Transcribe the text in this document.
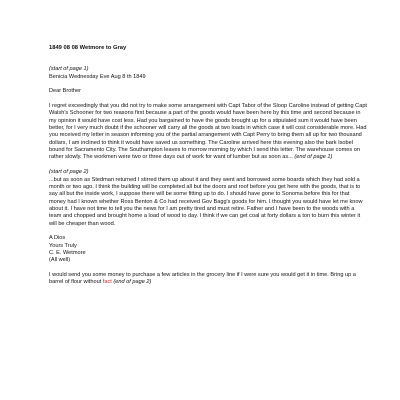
1849 08 08 Wetmore to Gray
(start of page 1)
Benicia Wednesday Eve Aug 8 th 1849
Dear Brother
I regret exceedingly that you did not try to make some arrangement with Capt Tabor of the Sloop Caroline instead of getting Capt Walsh's Schooner for two reasons first because a part of the goods would have been here by this time and second because in my opinion it would have cost less. Had you bargained to have the goods brought up for a stipulated sum it would have been better, for I very much doubt if the schooner will carry all the goods at two loads in which case it will cost considerable more. Had you received my letter in season informing you of the partial arrangement with Capt Perry to bring them all up for two thousand dollars, I am inclined to think it would have saved us something. The Caroline arrived here this evening also the bark Isobel bound for Sacramento City. The Southampton leaves to morrow morning by which I send this letter. The warehouse comes on rather slowly. The workmen were two or three days out of work for want of lumber but as soon as... (end of page 1)
(start of page 2)
...but as soon as Stedman returned I stirred them up about it and they went and borrowed some boards which they had sold a month or two ago. I think the building will be completed all but the doors and roof before you get here with the goods, that is to say all but the inside work, I suppose there will be some fitting up to do. I should have gone to Sonoma before this for that money had I known whether Ross Benton & Co had received Gov Bagg's goods for him. I thought you would have let me know about it. I have not time to tell you the news for I am pretty tired and must retire. Father and I have been to the woods with a team and chopped and brought home a load of wood to day. I think if we can get coal at forty dollars a ton to burn this winter it will be cheaper than wood.
A Dios
Yours Truly
C. E. Wetmore
(All well)
I would send you some money to purchase a few articles in the grocery line if I were sure you would get it in time. Bring up a barrel of flour without fact (end of page 2)
